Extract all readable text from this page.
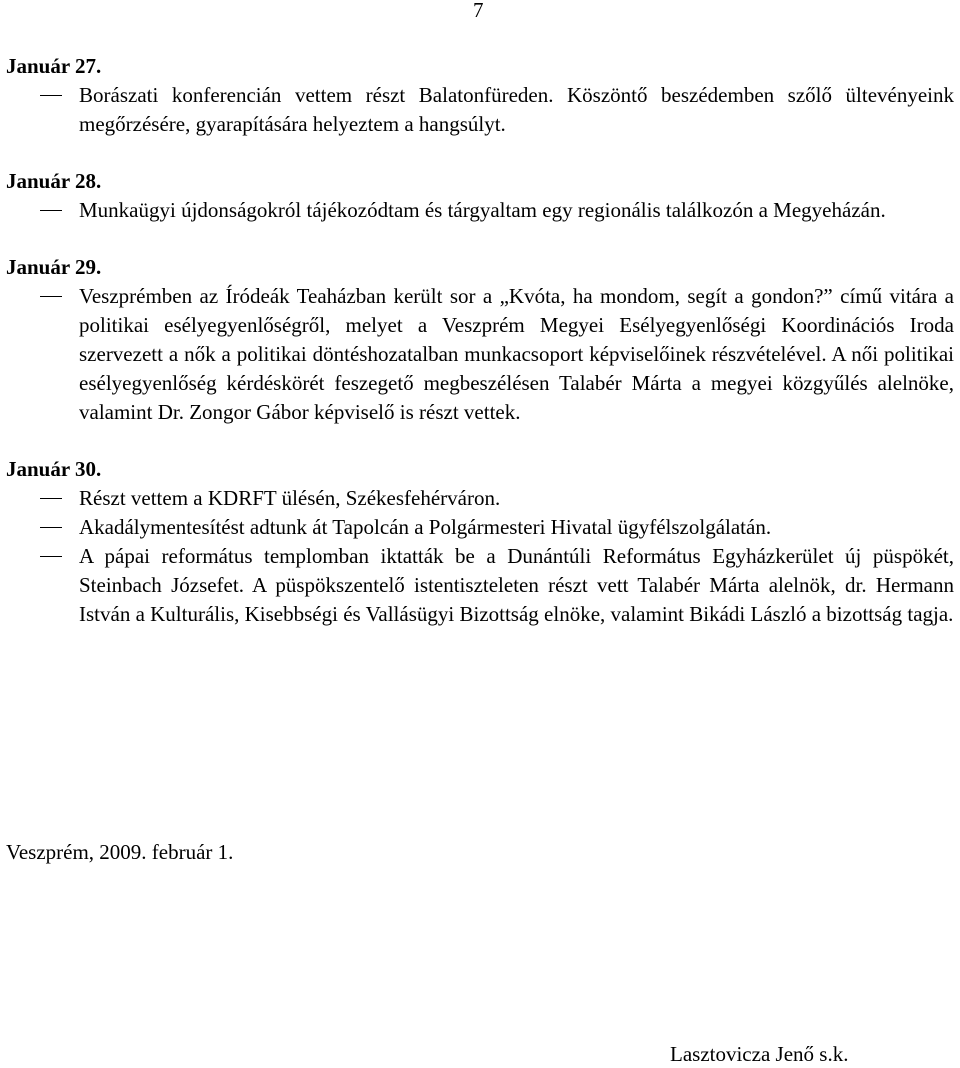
7
Január 27.
Borászati konferencián vettem részt Balatonfüreden. Köszöntő beszédemben szőlő ültevényeink megőrzésére, gyarapítására helyeztem a hangsúlyt.
Január 28.
Munkaügyi újdonságokról tájékozódtam és tárgyaltam egy regionális találkozón a Megyeházán.
Január 29.
Veszprémben az Íródeák Teaházban került sor a „Kvóta, ha mondom, segít a gondon?” című vitára a politikai esélyegyenlőségről, melyet a Veszprém Megyei Esélyegyenlőségi Koordinációs Iroda szervezett a nők a politikai döntéshozatalban munkacsoport képviselőinek részvételével. A női politikai esélyegyenlőség kérdéskörét feszegető megbeszélésen Talabér Márta a megyei közgyűlés alelnöke, valamint Dr. Zongor Gábor képviselő is részt vettek.
Január 30.
Részt vettem a KDRFT ülésén, Székesfehérváron.
Akadálymentesítést adtunk át Tapolcán a Polgármesteri Hivatal ügyfélszolgálatán.
A pápai református templomban iktatták be a Dunántúli Református Egyházkerület új püspökét, Steinbach Józsefet. A püspökszentelő istentiszteleten részt vett Talabér Márta alelnök, dr. Hermann István a Kulturális, Kisebbségi és Vallásügyi Bizottság elnöke, valamint Bikádi László a bizottság tagja.
Veszprém, 2009. február 1.
Lasztovicza Jenő s.k.
